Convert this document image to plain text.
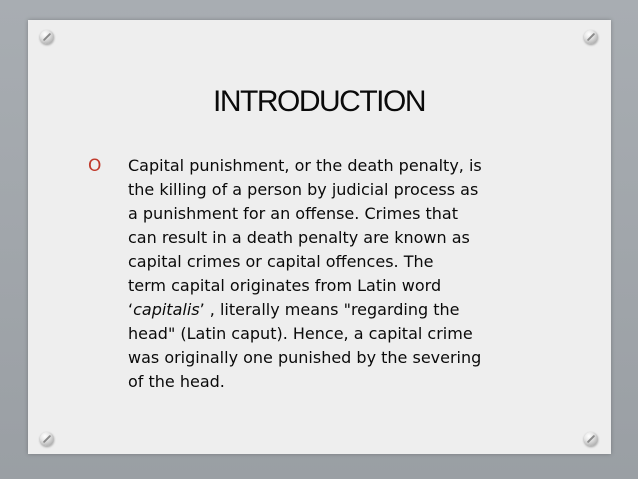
INTRODUCTION
O Capital punishment, or the death penalty, is
the killing of a person by judicial process as
a punishment for an offense. Crimes that
can result in a death penalty are known as
capital crimes or capital offences. The
term capital originates from Latin word
‘capitalis’ , literally means "regarding the
head" (Latin caput). Hence, a capital crime
was originally one punished by the severing
of the head.
